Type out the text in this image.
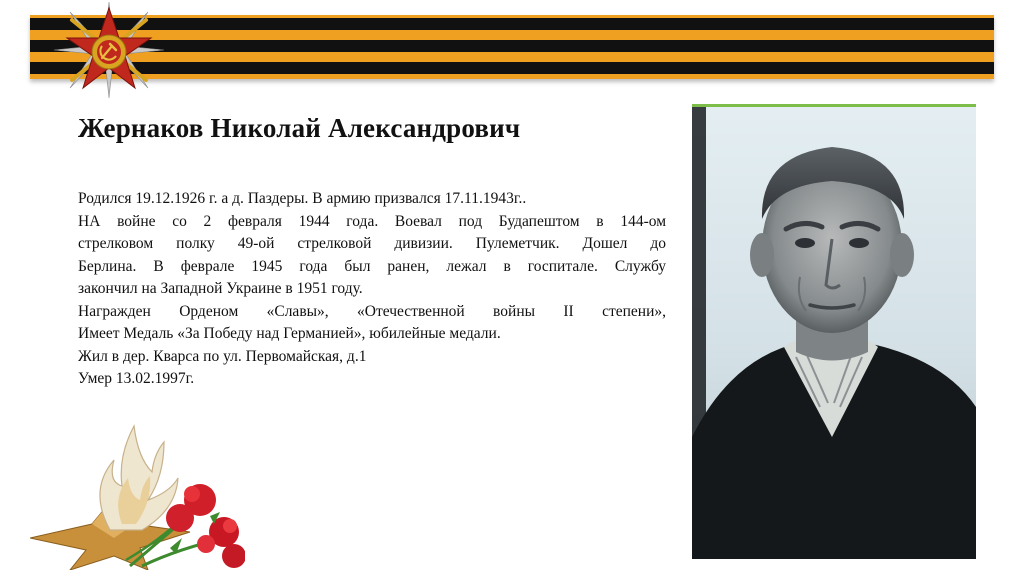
Жернаков Николай Александрович
Родился 19.12.1926 г. а д. Паздеры. В армию призвался 17.11.1943г..
НА войне со 2 февраля 1944 года. Воевал под Будапештом в 144-ом
стрелковом полку 49-ой стрелковой дивизии. Пулеметчик. Дошел до
Берлина. В феврале 1945 года был ранен, лежал в госпитале. Службу
закончил на Западной Украине в 1951 году.
Награжден Орденом «Славы», «Отечественной войны II степени»,
Имеет Медаль «За Победу над Германией», юбилейные медали.
Жил в дер. Кварса по ул. Первомайская, д.1
Умер 13.02.1997г.
